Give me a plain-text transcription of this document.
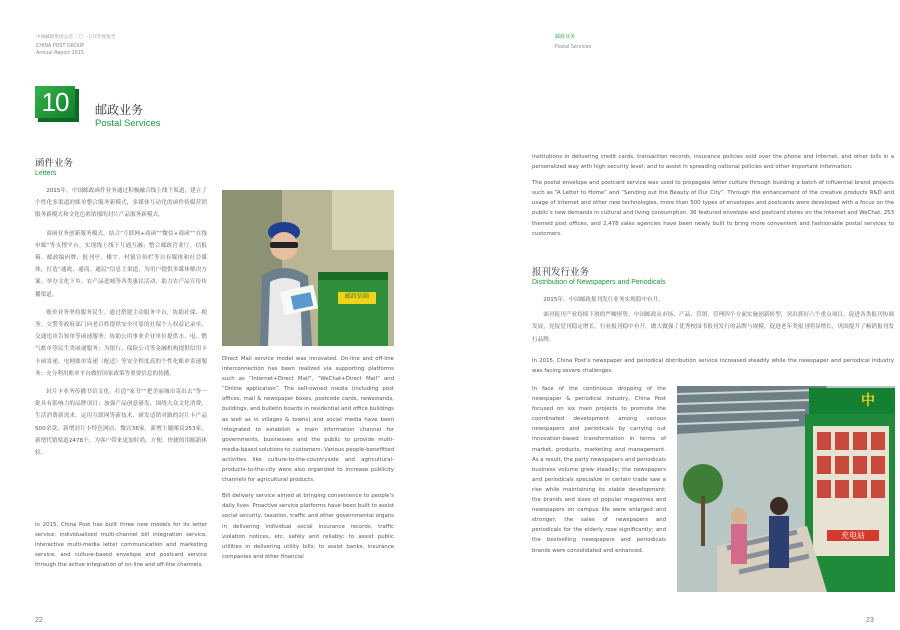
中国邮政集团公司 二〇一五年年度报告
CHINA POST GROUP
Annual Report 2015
邮政业务
Postal Services
10	邮政业务
Postal Services
函件业务
Letters

2015年，中国邮政函件业务通过积极融合线上线下渠道，建立了个性化多渠道的账单整合服务新模式，多媒体互动化的函件传媒营销服务新模式和文化色彩浓郁的封片产品服务新模式。

商函业务创新服务模式。结合“互联网+商函”“微信+商函”“在线申邮”等支撑平台，实现线上线下互通互融；整合邮政营业厅、信报箱、邮政编码牌、报刊亭、楼宇、村镇宣传栏等自有媒体和社会媒体，打造“通政、通商、通民”信息主渠道，为用户提供多媒体解决方案；举办文化下乡、农产品进城等各类惠民活动，助力农产品宣传传播渠道。

账单业务坚持服务民生。通过搭建主动服务平台，协助社保、税务、交警等政府部门向老百姓提供安全可靠的社保个人权益记录单、交通违章告知单等函递服务；协助公用事业企业单位提供水、电、燃气账单等民生类函递服务；为银行、保险公司等金融机构提供信用卡卡函寄递、电网账单寄递（配送）等安全程度高的个性化账单寄递服务；充分利用账单平台做好国家政策等重要信息的传播。

封片卡业务传播书信文化。打造“家书”“把美丽城市寄出去”等一批具有影响力的品牌项目；加强产品创意研发，围绕大众文化消费、生活消费新需求，运用互联网等新技术，研发适销对路的封片卡产品500余款，新增封片卡特色网店、微店36家，新增主题邮局253家，新增代销渠道2478个，为客户带来更加时尚、方便、快捷的用邮新体验。

In 2015, China Post has built three new models for its letter service: individualized multi-channel bill integration service, interactive multi-media letter communication and marketing service, and culture-based envelope and postcard service through the active integration of on-line and off-line channels.

邮政信箱

Direct Mail service model was innovated. On-line and off-line interconnection has been realized via supporting platforms such as “Internet+Direct Mail”, “WeChat+Direct Mail” and “Online application”. The self-owned media (including post offices, mail & newspaper boxes, postcode cards, newsstands, buildings, and bulletin boards in residential and office buildings as well as in villages & towns) and social media have been integrated to establish a main information channel for governments, businesses and the public to provide multi-media-based solutions to customers. Various people-benefitted activities like culture-to-the-countryside and agricultural-products-to-the-city were also organized to increase publicity channels for agricultural products.

Bill delivery service aimed at bringing convenience to people’s daily lives. Proactive service platforms have been built to assist social security, taxation, traffic and other governmental organs in delivering individual social insurance records, traffic violation notices, etc. safely and reliably; to assist public utilities in delivering utility bills; to assist banks, insurance companies and other financial

institutions in delivering credit cards, transaction records, insurance policies sold over the phone and Internet, and other bills in a personalized way with high security level; and to assist in spreading national policies and other important information.

The postal envelope and postcard service was used to propagate letter culture through building a batch of influential brand projects such as “A Letter to Home” and “Sending out the Beauty of Our City”. Through the enhancement of the creative products R&D and usage of Internet and other new technologies, more than 500 types of envelopes and postcards were developed with a focus on the public’s new demands in cultural and living consumption. 36 featured envelope and postcard stores on the Internet and WeChat, 253 themed post offices, and 2,478 sales agencies have been newly built to bring more convenient and fashionable postal services to customers.

报刊发行业务
Distribution of Newspapers and Periodicals

2015年，中国邮政报刊发行业务实现稳中有升。

面对报刊产业持续下滑的严峻形势，中国邮政从市场、产品、营销、管理四个方面实施创新转型，突出抓好六个重点项目，促进各类报刊协调发展，党报党刊稳定增长，行业报刊稳中有升，做大做强了优秀校园书报刊发行的品牌与规模，促进老年类报刊明显增长，巩固提升了畅销报刊发行品牌。

In 2015, China Post’s newspaper and periodical distribution service increased steadily while the newspaper and periodical industry was facing severe challenges.

In face of the continuous dropping of the newspaper & periodical industry, China Post focused on six main projects to promote the coordinated development among various newspapers and periodicals by carrying out innovation-based transformation in terms of market, products, marketing and management. As a result, the party newspapers and periodicals business volume grew steadily; the newspapers and periodicals specialize in certain trade saw a rise while maintaining its stable development; the brands and sizes of popular magazines and newspapers on campus life were enlarged and stronger; the sales of newspapers and periodicals for the elderly rose significantly; and the bestselling newspapers and periodicals brands were consolidated and enhanced.

中
充电站
22	23
